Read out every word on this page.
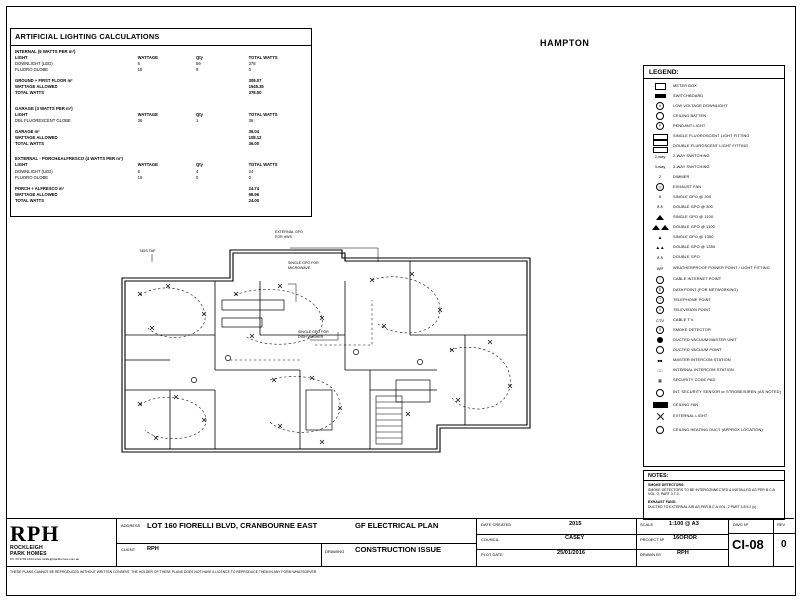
ARTIFICIAL LIGHTING CALCULATIONS
INTERNAL (5 WATTS PER m²)
LIGHT	WATTAGE	Qty	TOTAL WATTS
DOWNLIGHT (LED)	6	59	378
FLUORO GLOBE	15	9	0
GROUND + FIRST FLOOR m²	309.07
WATTAGE ALLOWED	1545.35
TOTAL WATTS	378.00
GARAGE (3 WATTS PER m²)
LIGHT	WATTAGE	Qty	TOTAL WATTS
DBL FLUORESCENT GLOBE	36	1	36
GARAGE m²	36.04
WATTAGE ALLOWED	108.12
TOTAL WATTS	36.00
EXTERNAL - PORCH&ALFRESCO (4 WATTS PER m²)
LIGHT	WATTAGE	Qty	TOTAL WATTS
DOWNLIGHT (LED)	6	4	24
FLUORO GLOBE	15	0	0
PORCH + ALFRESCO m²	24.74
WATTAGE ALLOWED	98.96
TOTAL WATTS	24.00
HAMPTON
LEGEND:
METER BOX
SWITCHBOARD
✕	LOW VOLTAGE DOWNLIGHT
CEILING BATTEN
P	PENDANT LIGHT
SINGLE FLUOROSCENT LIGHT FITTING
DOUBLE FLUROSCENT LIGHT FITTING
2-way	2-WAY SWITCHING
3-way	3-WAY SWITCHING
2	DIMMER
◎	EXHAUST FAN
∧	SINGLE GPO @ 300
∧∧	DOUBLE GPO @ 300
SINGLE GPO @ 1100
DOUBLE GPO @ 1100
▲	SINGLE GPO @ 1350
▲▲	DOUBLE GPO @ 1350
∧∧	DOUBLE GPO
WP	WEATHERPROOF POINER POINT / LIGHT FITTING
I	CABLE INTERNET POINT
D	DATA POINT (FOR NETWORKING)
T	TELEPHONE POINT
V	TELEVISION POINT
CTV	CABLE T.V.
S	SMOKE DETECTOR
DUCTED VACUUM MASTER UNIT
DUCTED VACUUM POINT
■■	MASTER INTERCOM STATION
□□	INTERNAL INTERCOM STATION
▦	SECURITY CODE PAD
INT. SECURITY SENSOR or STROBE/SIREN (AS NOTED)
CEILING FAN
EXTERNAL LIGHT
CEILING HEATING DUCT (APPROX LOCATION)
NOTES:
SMOKE DETECTORS:
SMOKE DETECTORS TO BE INTERCONNECTED & INSTALLED AS PER B.C.A VOL. 2, PART 3.7.2.
EXHAUST FANS:
DUCTED TO EXTERNAL AIR AS PER B.C.A VOL. 2 PART 3.8.5.2 (c)
EXTERNAL GPO
FOR HWS
SINGLE GPO FOR
MICROWAVE
SINGLE GPO FOR
DISH WASHER
NGS TAP
RPH
ROCKLEIGH
PARK HOMES
Ph: 03 9793 1444 www.rockleighparkhomes.com.au
ADDRESS LOT 160 FIORELLI BLVD, CRANBOURNE EAST	GF ELECTRICAL PLAN
CLIENT RPH	DRAWING CONSTRUCTION ISSUE
DATE CREATED	2015
COUNCIL	CASEY
PLOT DATE	25/01/2016
SCALE	1:100 @ A3
PROJECT Nº 16OFIOR
DRAWN BY	RPH
DWG Nº	REV
CI-08 0
THESE PLANS CANNOT BE REPRODUCED WITHOUT WRITTEN CONSENT. THE HOLDER OF THESE PLANS DOES NOT HAVE A LICENCE TO REPRODUCE THEM IN ANY FORM WHATSOEVER
